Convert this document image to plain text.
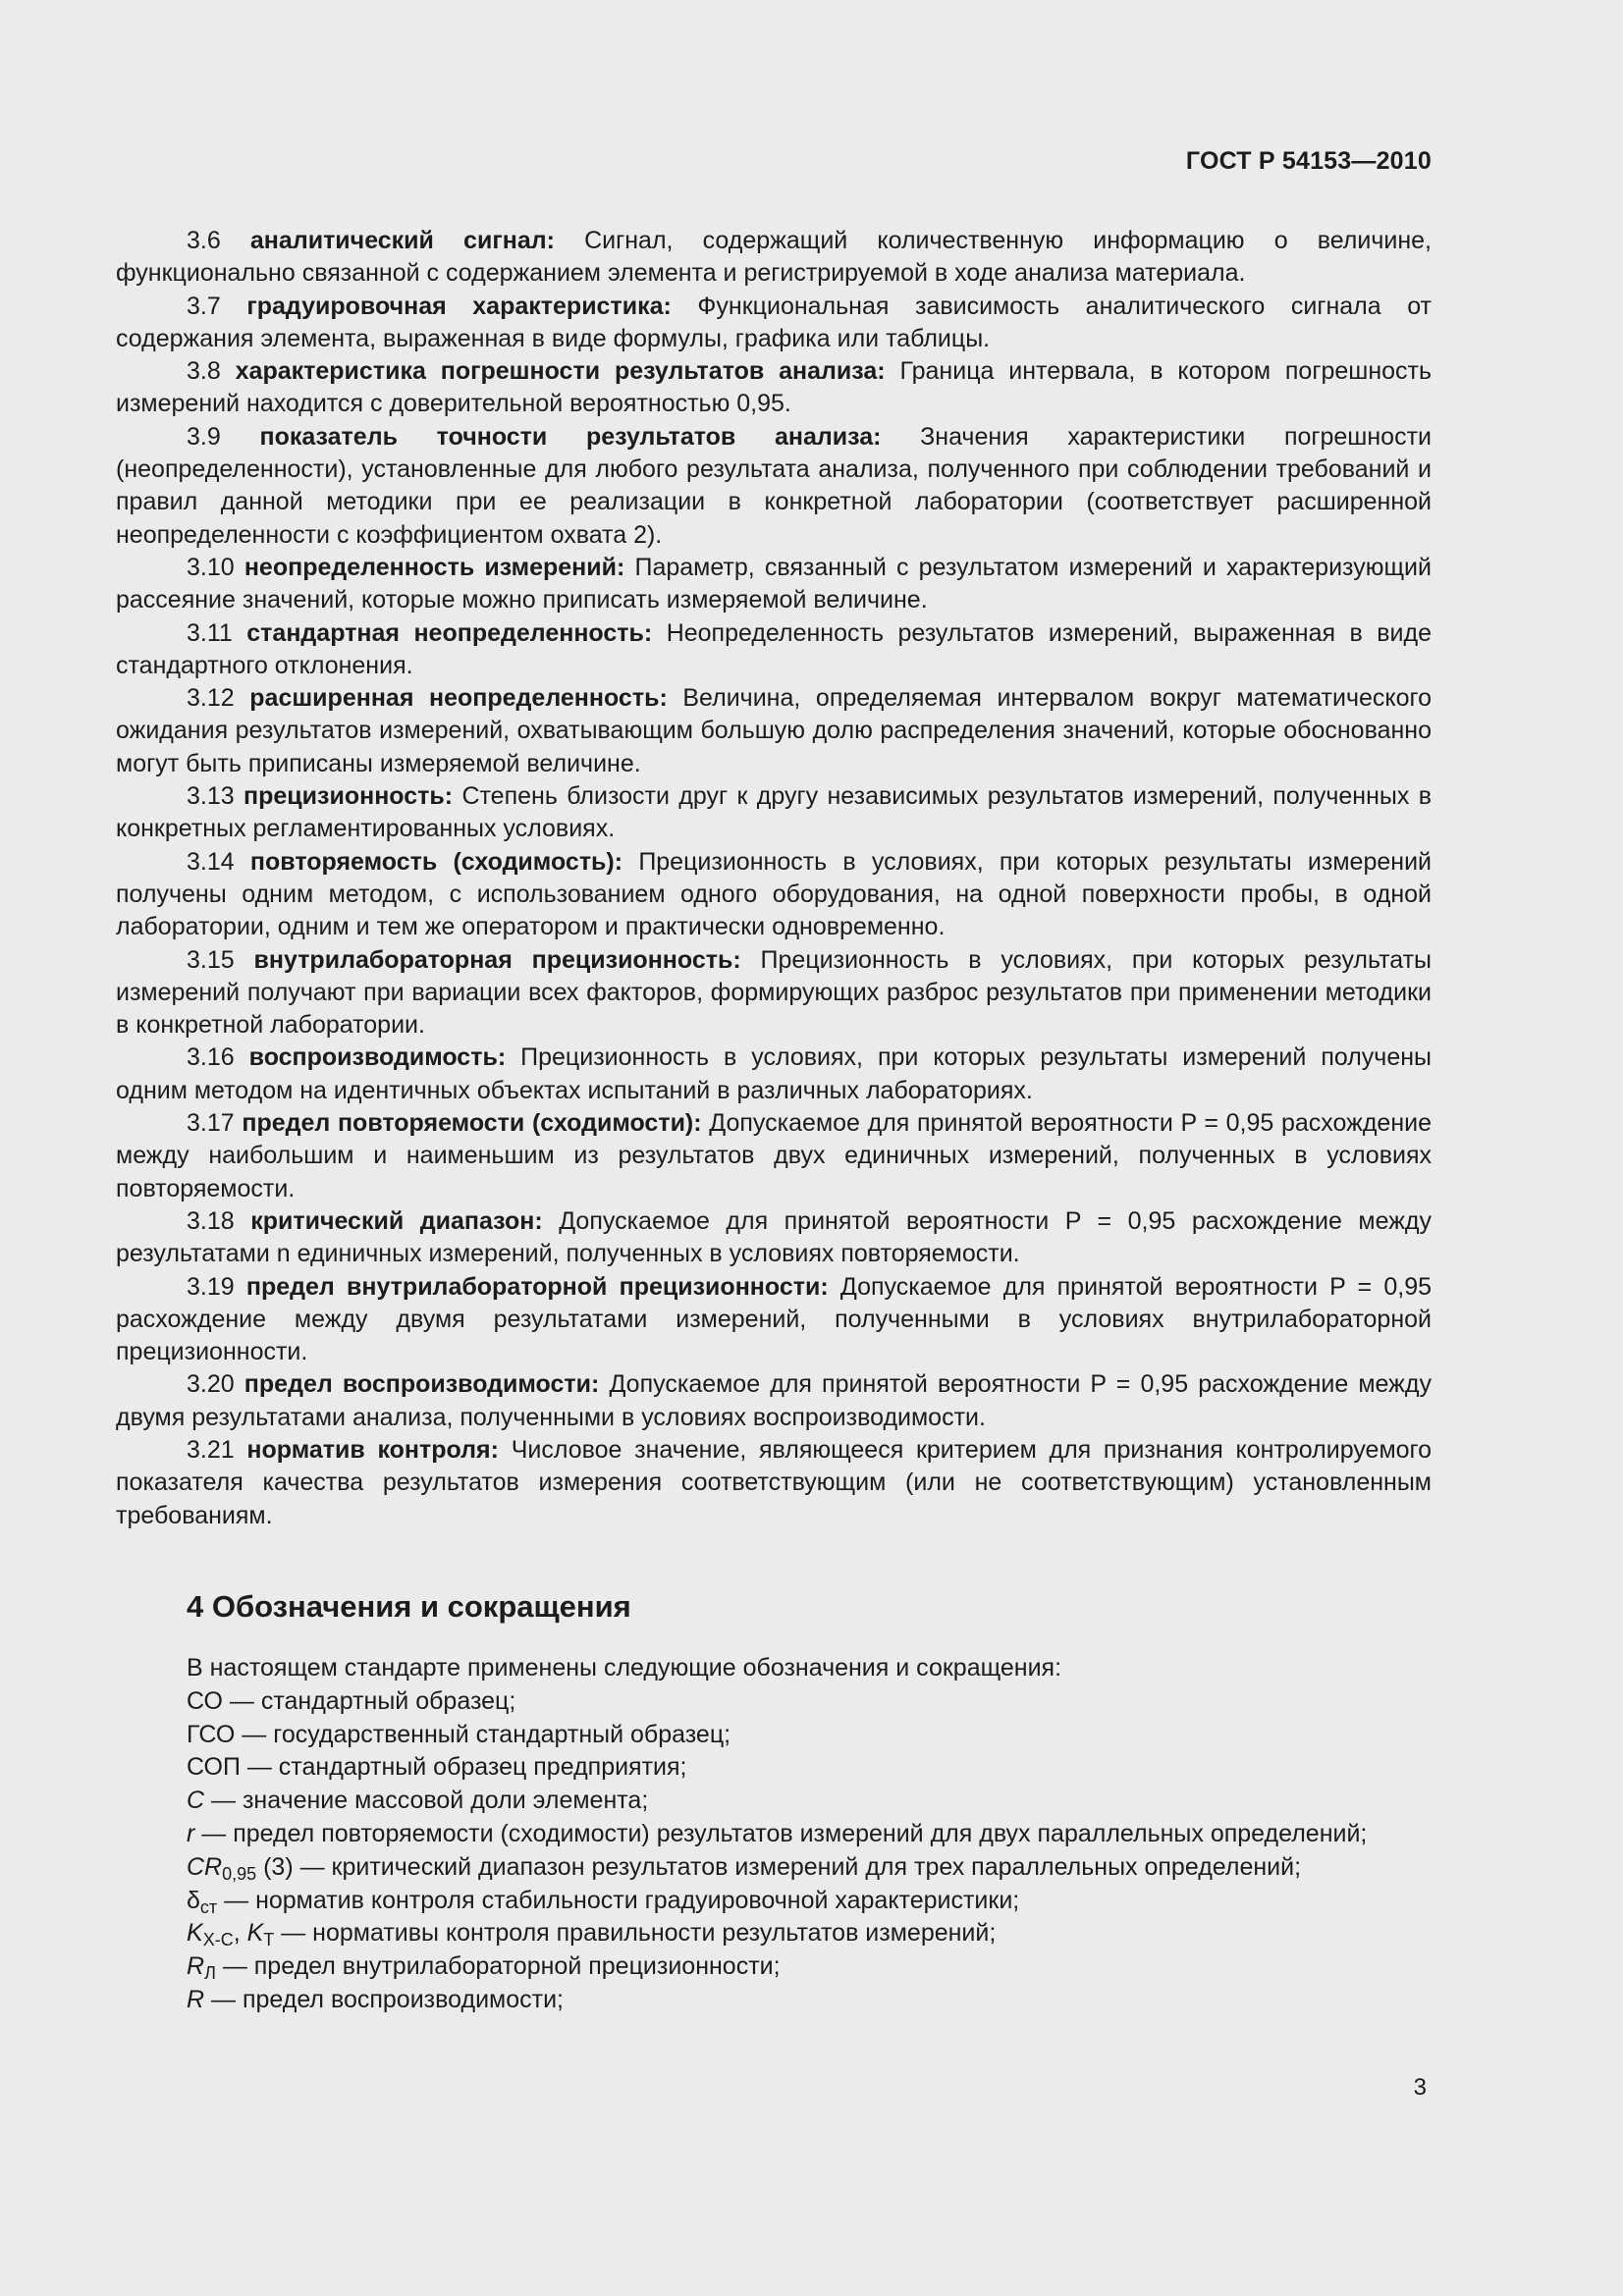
ГОСТ Р 54153—2010

3.6 аналитический сигнал: Сигнал, содержащий количественную информацию о величине, функционально связанной с содержанием элемента и регистрируемой в ходе анализа материала.

3.7 градуировочная характеристика: Функциональная зависимость аналитического сигнала от содержания элемента, выраженная в виде формулы, графика или таблицы.

3.8 характеристика погрешности результатов анализа: Граница интервала, в котором погрешность измерений находится с доверительной вероятностью 0,95.

3.9 показатель точности результатов анализа: Значения характеристики погрешности (неопределенности), установленные для любого результата анализа, полученного при соблюдении требований и правил данной методики при ее реализации в конкретной лаборатории (соответствует расширенной неопределенности с коэффициентом охвата 2).

3.10 неопределенность измерений: Параметр, связанный с результатом измерений и характеризующий рассеяние значений, которые можно приписать измеряемой величине.

3.11 стандартная неопределенность: Неопределенность результатов измерений, выраженная в виде стандартного отклонения.

3.12 расширенная неопределенность: Величина, определяемая интервалом вокруг математического ожидания результатов измерений, охватывающим большую долю распределения значений, которые обоснованно могут быть приписаны измеряемой величине.

3.13 прецизионность: Степень близости друг к другу независимых результатов измерений, полученных в конкретных регламентированных условиях.

3.14 повторяемость (сходимость): Прецизионность в условиях, при которых результаты измерений получены одним методом, с использованием одного оборудования, на одной поверхности пробы, в одной лаборатории, одним и тем же оператором и практически одновременно.

3.15 внутрилабораторная прецизионность: Прецизионность в условиях, при которых результаты измерений получают при вариации всех факторов, формирующих разброс результатов при применении методики в конкретной лаборатории.

3.16 воспроизводимость: Прецизионность в условиях, при которых результаты измерений получены одним методом на идентичных объектах испытаний в различных лабораториях.

3.17 предел повторяемости (сходимости): Допускаемое для принятой вероятности P = 0,95 расхождение между наибольшим и наименьшим из результатов двух единичных измерений, полученных в условиях повторяемости.

3.18 критический диапазон: Допускаемое для принятой вероятности P = 0,95 расхождение между результатами n единичных измерений, полученных в условиях повторяемости.

3.19 предел внутрилабораторной прецизионности: Допускаемое для принятой вероятности P = 0,95 расхождение между двумя результатами измерений, полученными в условиях внутрилабораторной прецизионности.

3.20 предел воспроизводимости: Допускаемое для принятой вероятности P = 0,95 расхождение между двумя результатами анализа, полученными в условиях воспроизводимости.

3.21 норматив контроля: Числовое значение, являющееся критерием для признания контролируемого показателя качества результатов измерения соответствующим (или не соответствующим) установленным требованиям.

4 Обозначения и сокращения

В настоящем стандарте применены следующие обозначения и сокращения:

СО — стандартный образец;

ГСО — государственный стандартный образец;

СОП — стандартный образец предприятия;

C — значение массовой доли элемента;

r — предел повторяемости (сходимости) результатов измерений для двух параллельных определений;

$CR_{0,95}$ (3) — критический диапазон результатов измерений для трех параллельных определений;

$\delta_{ст}$ — норматив контроля стабильности градуировочной характеристики;

$K_{X-C}$, $K_T$ — нормативы контроля правильности результатов измерений;

$R_Л$ — предел внутрилабораторной прецизионности;

R — предел воспроизводимости;

3
